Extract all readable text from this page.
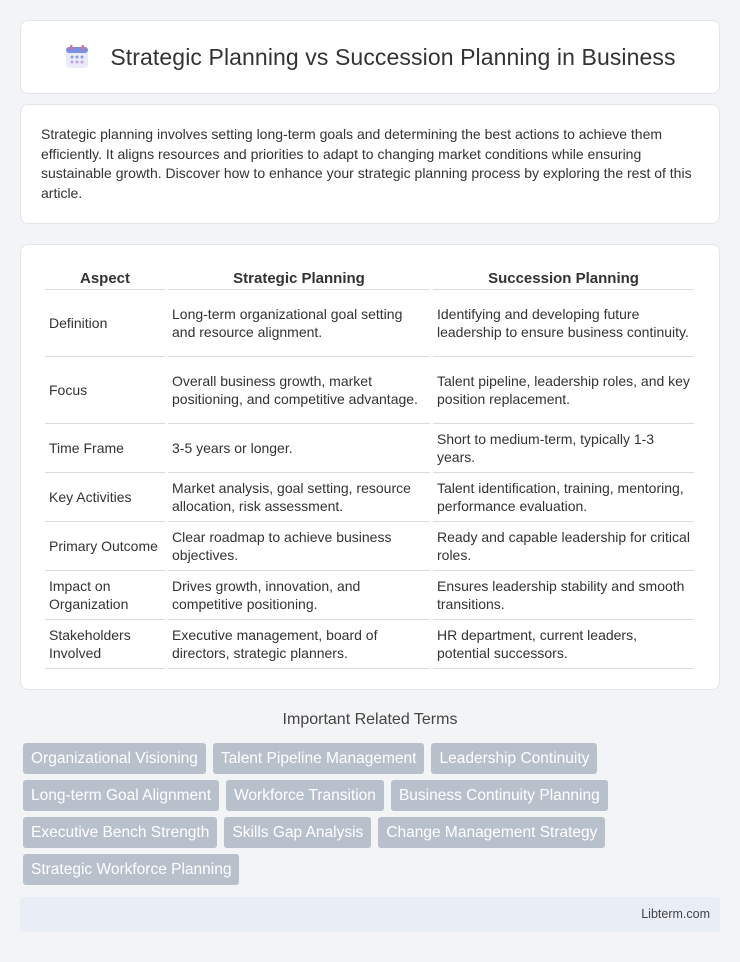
Strategic Planning vs Succession Planning in Business

Strategic planning involves setting long-term goals and determining the best actions to achieve them efficiently. It aligns resources and priorities to adapt to changing market conditions while ensuring sustainable growth. Discover how to enhance your strategic planning process by exploring the rest of this article.

Aspect	Strategic Planning	Succession Planning
Definition	Long-term organizational goal setting and resource alignment.	Identifying and developing future leadership to ensure business continuity.
Focus	Overall business growth, market positioning, and competitive advantage.	Talent pipeline, leadership roles, and key position replacement.
Time Frame	3-5 years or longer.	Short to medium-term, typically 1-3 years.
Key Activities	Market analysis, goal setting, resource allocation, risk assessment.	Talent identification, training, mentoring, performance evaluation.
Primary Outcome	Clear roadmap to achieve business objectives.	Ready and capable leadership for critical roles.
Impact on Organization	Drives growth, innovation, and competitive positioning.	Ensures leadership stability and smooth transitions.
Stakeholders Involved	Executive management, board of directors, strategic planners.	HR department, current leaders, potential successors.
Important Related Terms
Organizational Visioning	Talent Pipeline Management	Leadership Continuity
Long-term Goal Alignment	Workforce Transition	Business Continuity Planning
Executive Bench Strength	Skills Gap Analysis	Change Management Strategy
Strategic Workforce Planning
Libterm.com
